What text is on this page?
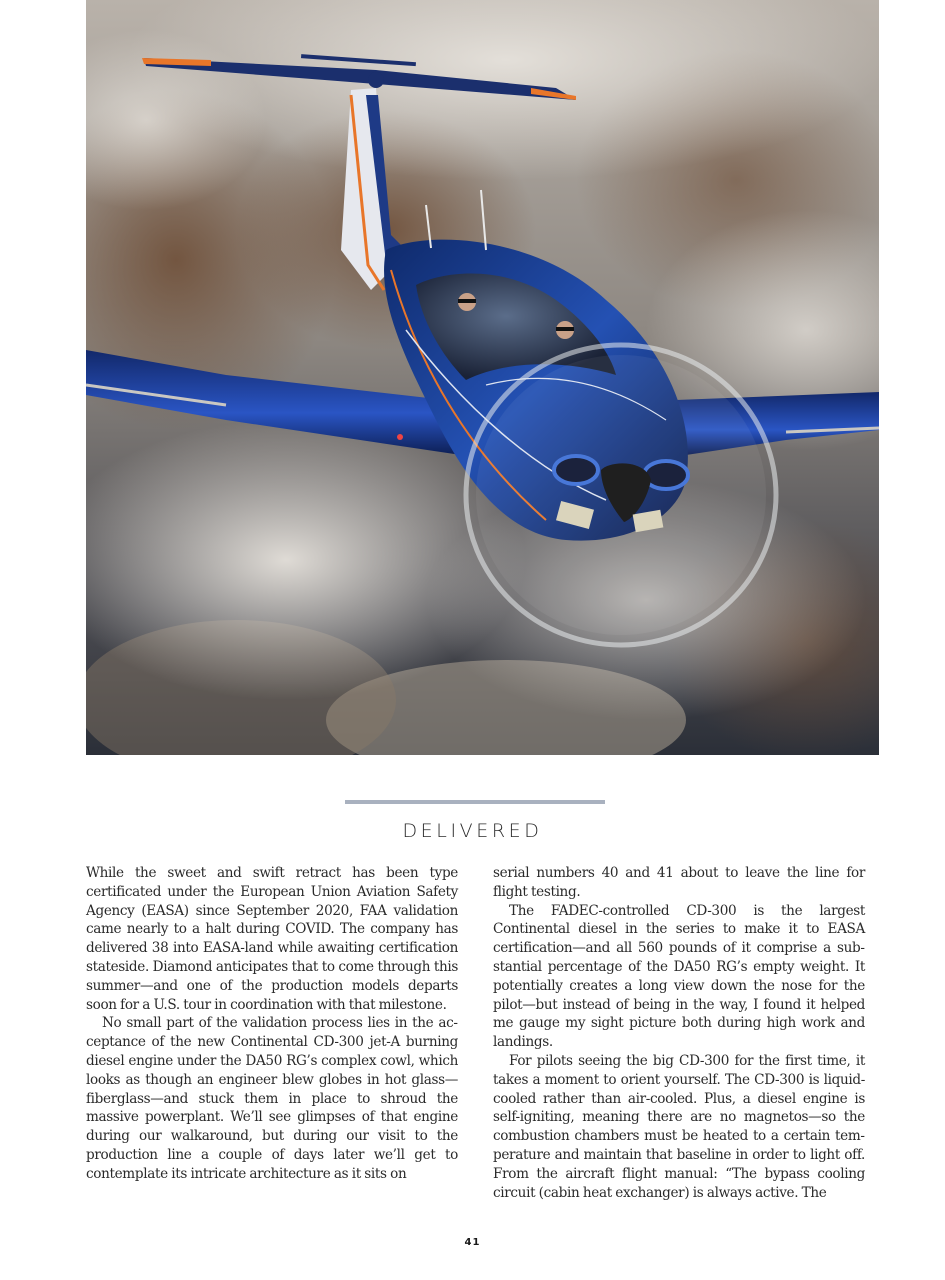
DELIVERED

While the sweet and swift retract has been type certificated under the European Union Aviation Safety Agency (EASA) since September 2020, FAA validation came nearly to a halt during COVID. The company has delivered 38 into EASA-land while awaiting certification stateside. Diamond anticipates that to come through this summer—and one of the production models departs soon for a U.S. tour in coordination with that milestone.

No small part of the validation process lies in the acceptance of the new Continental CD-300 jet-A burning diesel engine under the DA50 RG’s complex cowl, which looks as though an engineer blew globes in hot glass—fiberglass—and stuck them in place to shroud the massive powerplant. We’ll see glimpses of that engine during our walkaround, but during our visit to the production line a couple of days later we’ll get to contemplate its intricate architecture as it sits on

serial numbers 40 and 41 about to leave the line for flight testing.

The FADEC-controlled CD-300 is the largest Continental diesel in the series to make it to EASA certification—and all 560 pounds of it comprise a substantial percentage of the DA50 RG’s empty weight. It potentially creates a long view down the nose for the pilot—but instead of being in the way, I found it helped me gauge my sight picture both during high work and landings.

For pilots seeing the big CD-300 for the first time, it takes a moment to orient yourself. The CD-300 is liquid-cooled rather than air-cooled. Plus, a diesel engine is self-igniting, meaning there are no magnetos—so the combustion chambers must be heated to a certain temperature and maintain that baseline in order to light off. From the aircraft flight manual: “The bypass cooling circuit (cabin heat exchanger) is always active. The

41
